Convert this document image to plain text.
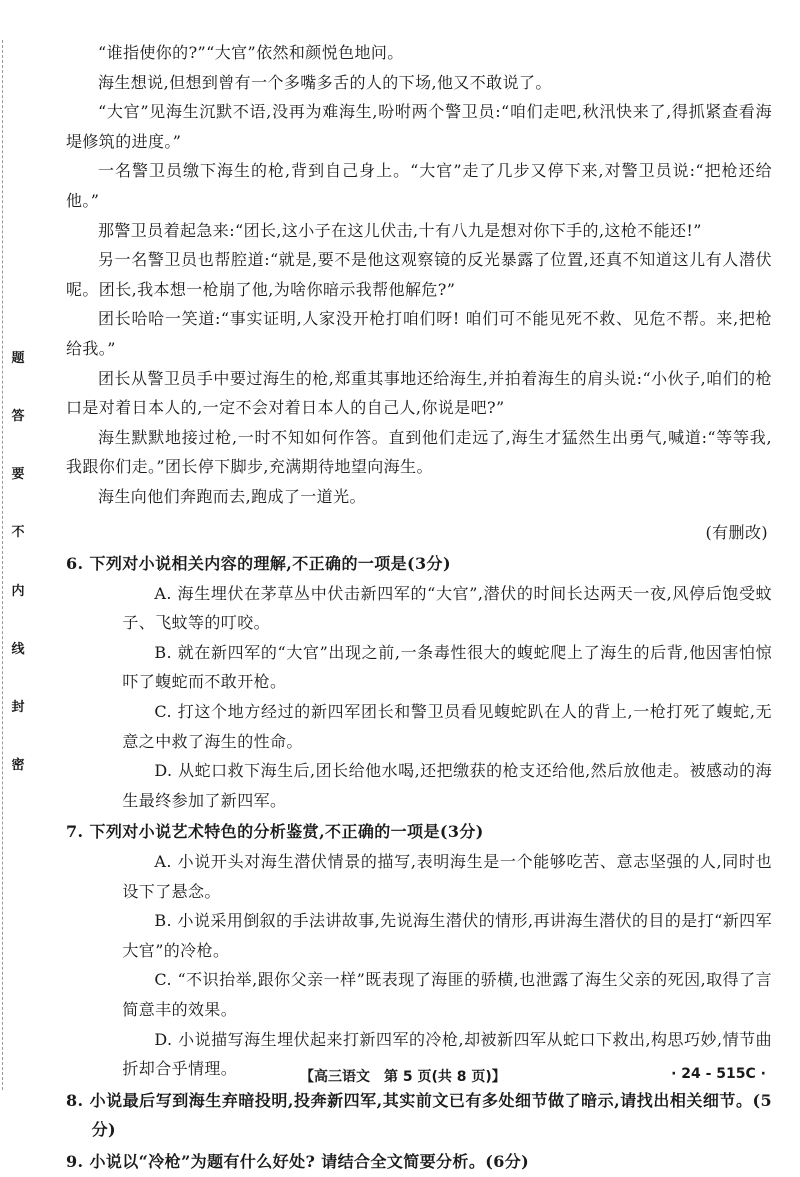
题
答
要
不
内
线
封
密

“谁指使你的?”“大官”依然和颜悦色地问。

海生想说,但想到曾有一个多嘴多舌的人的下场,他又不敢说了。

“大官”见海生沉默不语,没再为难海生,吩咐两个警卫员:“咱们走吧,秋汛快来了,得抓紧查看海堤修筑的进度。”

一名警卫员缴下海生的枪,背到自己身上。“大官”走了几步又停下来,对警卫员说:“把枪还给他。”

那警卫员着起急来:“团长,这小子在这儿伏击,十有八九是想对你下手的,这枪不能还!”

另一名警卫员也帮腔道:“就是,要不是他这观察镜的反光暴露了位置,还真不知道这儿有人潜伏呢。团长,我本想一枪崩了他,为啥你暗示我帮他解危?”

团长哈哈一笑道:“事实证明,人家没开枪打咱们呀! 咱们可不能见死不救、见危不帮。来,把枪给我。”

团长从警卫员手中要过海生的枪,郑重其事地还给海生,并拍着海生的肩头说:“小伙子,咱们的枪口是对着日本人的,一定不会对着日本人的自己人,你说是吧?”

海生默默地接过枪,一时不知如何作答。直到他们走远了,海生才猛然生出勇气,喊道:“等等我,我跟你们走。”团长停下脚步,充满期待地望向海生。

海生向他们奔跑而去,跑成了一道光。

(有删改)

6. 下列对小说相关内容的理解,不正确的一项是(3分)

A. 海生埋伏在茅草丛中伏击新四军的“大官”,潜伏的时间长达两天一夜,风停后饱受蚊子、飞蚊等的叮咬。

B. 就在新四军的“大官”出现之前,一条毒性很大的蝮蛇爬上了海生的后背,他因害怕惊吓了蝮蛇而不敢开枪。

C. 打这个地方经过的新四军团长和警卫员看见蝮蛇趴在人的背上,一枪打死了蝮蛇,无意之中救了海生的性命。

D. 从蛇口救下海生后,团长给他水喝,还把缴获的枪支还给他,然后放他走。被感动的海生最终参加了新四军。

7. 下列对小说艺术特色的分析鉴赏,不正确的一项是(3分)

A. 小说开头对海生潜伏情景的描写,表明海生是一个能够吃苦、意志坚强的人,同时也设下了悬念。

B. 小说采用倒叙的手法讲故事,先说海生潜伏的情形,再讲海生潜伏的目的是打“新四军大官”的冷枪。

C. “不识抬举,跟你父亲一样”既表现了海匪的骄横,也泄露了海生父亲的死因,取得了言简意丰的效果。

D. 小说描写海生埋伏起来打新四军的冷枪,却被新四军从蛇口下救出,构思巧妙,情节曲折却合乎情理。

8. 小说最后写到海生弃暗投明,投奔新四军,其实前文已有多处细节做了暗示,请找出相关细节。(5分)

9. 小说以“冷枪”为题有什么好处? 请结合全文简要分析。(6分)

【高三语文　第 5 页(共 8 页)】	· 24 - 515C ·
